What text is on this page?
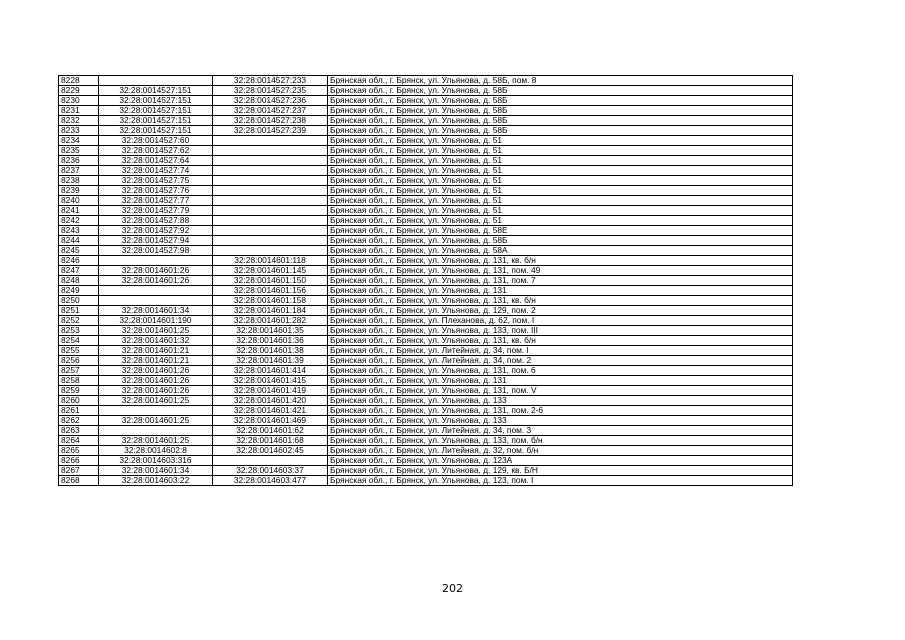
8228		32:28:0014527:233	Брянская обл., г. Брянск, ул. Ульянова, д. 58Б, пом. 8
8229	32:28:0014527:151	32:28:0014527:235	Брянская обл., г. Брянск, ул. Ульянова, д. 58Б
8230	32:28:0014527:151	32:28:0014527:236	Брянская обл., г. Брянск, ул. Ульянова, д. 58Б
8231	32:28:0014527:151	32:28:0014527:237	Брянская обл., г. Брянск, ул. Ульянова, д. 58Б
8232	32:28:0014527:151	32:28:0014527:238	Брянская обл., г. Брянск, ул. Ульянова, д. 58Б
8233	32:28:0014527:151	32:28:0014527:239	Брянская обл., г. Брянск, ул. Ульянова, д. 58Б
8234	32:28:0014527:60		Брянская обл., г. Брянск, ул. Ульянова, д. 51
8235	32:28:0014527:62		Брянская обл., г. Брянск, ул. Ульянова, д. 51
8236	32:28:0014527:64		Брянская обл., г. Брянск, ул. Ульянова, д. 51
8237	32:28:0014527:74		Брянская обл., г. Брянск, ул. Ульянова, д. 51
8238	32:28:0014527:75		Брянская обл., г. Брянск, ул. Ульянова, д. 51
8239	32:28:0014527:76		Брянская обл., г. Брянск, ул. Ульянова, д. 51
8240	32:28:0014527:77		Брянская обл., г. Брянск, ул. Ульянова, д. 51
8241	32:28:0014527:79		Брянская обл., г. Брянск, ул. Ульянова, д. 51
8242	32:28:0014527:88		Брянская обл., г. Брянск, ул. Ульянова, д. 51
8243	32:28:0014527:92		Брянская обл., г. Брянск, ул. Ульянова, д. 58Е
8244	32:28:0014527:94		Брянская обл., г. Брянск, ул. Ульянова, д. 58Б
8245	32:28:0014527:98		Брянская обл., г. Брянск, ул. Ульянова, д. 58А
8246		32:28:0014601:118	Брянская обл., г. Брянск, ул. Ульянова, д. 131, кв. б/н
8247	32:28:0014601:26	32:28:0014601:145	Брянская обл., г. Брянск, ул. Ульянова, д. 131, пом. 49
8248	32:28:0014601:26	32:28:0014601:150	Брянская обл., г. Брянск, ул. Ульянова, д. 131, пом. 7
8249		32:28:0014601:156	Брянская обл., г. Брянск, ул. Ульянова, д. 131
8250		32:28:0014601:158	Брянская обл., г. Брянск, ул. Ульянова, д. 131, кв. б/н
8251	32:28:0014601:34	32:28:0014601:184	Брянская обл., г. Брянск, ул. Ульянова, д. 129, пом. 2
8252	32:28:0014601:190	32:28:0014601:282	Брянская обл., г. Брянск, ул. Плеханова, д. 62, пом. I
8253	32:28:0014601:25	32:28:0014601:35	Брянская обл., г. Брянск, ул. Ульянова, д. 133, пом. III
8254	32:28:0014601:32	32:28:0014601:36	Брянская обл., г. Брянск, ул. Ульянова, д. 131, кв. б/н
8255	32:28:0014601:21	32:28:0014601:38	Брянская обл., г. Брянск, ул. Литейная, д. 34, пом. I
8256	32:28:0014601:21	32:28:0014601:39	Брянская обл., г. Брянск, ул. Литейная, д. 34, пом. 2
8257	32:28:0014601:26	32:28:0014601:414	Брянская обл., г. Брянск, ул. Ульянова, д. 131, пом. 6
8258	32:28:0014601:26	32:28:0014601:415	Брянская обл., г. Брянск, ул. Ульянова, д. 131
8259	32:28:0014601:26	32:28:0014601:419	Брянская обл., г. Брянск, ул. Ульянова, д. 131, пом. V
8260	32:28:0014601:25	32:28:0014601:420	Брянская обл., г. Брянск, ул. Ульянова, д. 133
8261		32:28:0014601:421	Брянская обл., г. Брянск, ул. Ульянова, д. 131, пом. 2-6
8262	32:28:0014601:25	32:28:0014601:469	Брянская обл., г. Брянск, ул. Ульянова, д. 133
8263		32:28:0014601:62	Брянская обл., г. Брянск, ул. Литейная, д. 34, пом. 3
8264	32:28:0014601:25	32:28:0014601:68	Брянская обл., г. Брянск, ул. Ульянова, д. 133, пом. б/н
8265	32:28:0014602:8	32:28:0014602:45	Брянская обл., г. Брянск, ул. Литейная, д. 32, пом. б/н
8266	32:28:0014603:316		Брянская обл., г. Брянск, ул. Ульянова, д. 123А
8267	32:28:0014601:34	32:28:0014603:37	Брянская обл., г. Брянск, ул. Ульянова, д. 129, кв. Б/Н
8268	32:28:0014603:22	32:28:0014603:477	Брянская обл., г. Брянск, ул. Ульянова, д. 123, пом. I
202
